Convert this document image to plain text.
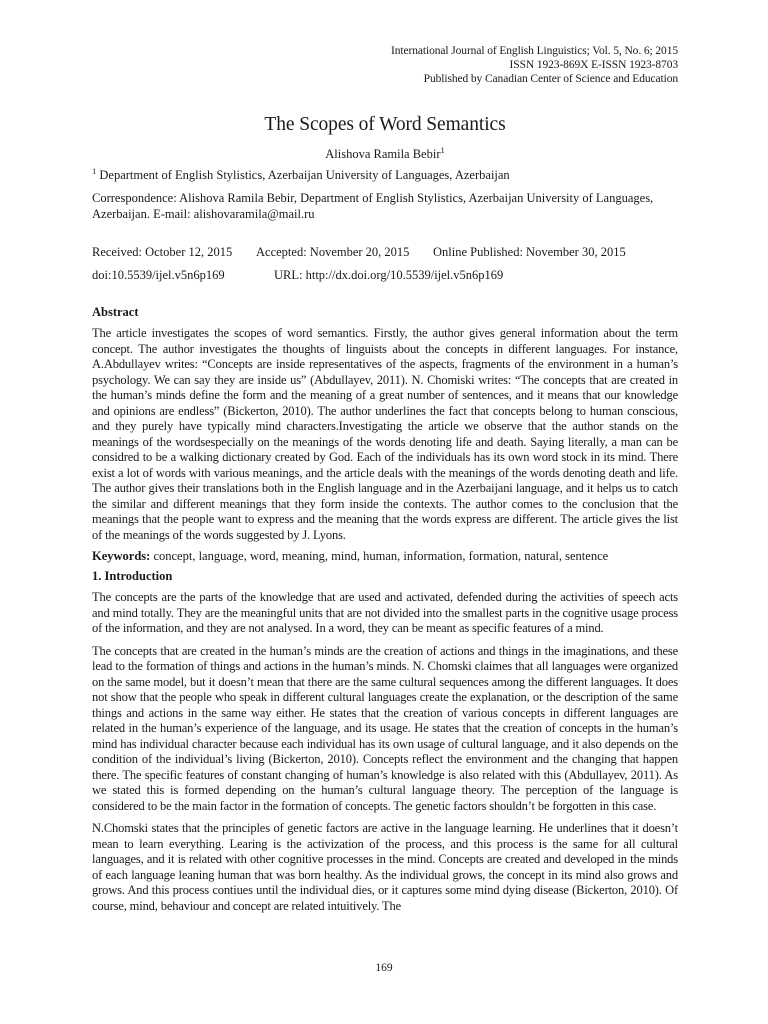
International Journal of English Linguistics; Vol. 5, No. 6; 2015
ISSN 1923-869X E-ISSN 1923-8703
Published by Canadian Center of Science and Education
The Scopes of Word Semantics
Alishova Ramila Bebir$^1$
$^1$ Department of English Stylistics, Azerbaijan University of Languages, Azerbaijan
Correspondence: Alishova Ramila Bebir, Department of English Stylistics, Azerbaijan University of Languages, Azerbaijan. E-mail: alishovaramila@mail.ru
Received: October 12, 2015 Accepted: November 20, 2015 Online Published: November 30, 2015
doi:10.5539/ijel.v5n6p169	URL: http://dx.doi.org/10.5539/ijel.v5n6p169
Abstract

The article investigates the scopes of word semantics. Firstly, the author gives general information about the term concept. The author investigates the thoughts of linguists about the concepts in different languages. For instance, A.Abdullayev writes: “Concepts are inside representatives of the aspects, fragments of the environment in a human’s psychology. We can say they are inside us” (Abdullayev, 2011). N. Chomiski writes: “The concepts that are created in the human’s minds define the form and the meaning of a great number of sentences, and it means that our knowledge and opinions are endless” (Bickerton, 2010). The author underlines the fact that concepts belong to human conscious, and they purely have typically mind characters.Investigating the article we observe that the author stands on the meanings of the wordsespecially on the meanings of the words denoting life and death. Saying literally, a man can be considred to be a walking dictionary created by God. Each of the individuals has its own word stock in its mind. There exist a lot of words with various meanings, and the article deals with the meanings of the words denoting death and life. The author gives their translations both in the English language and in the Azerbaijani language, and it helps us to catch the similar and different meanings that they form inside the contexts. The author comes to the conclusion that the meanings that the people want to express and the meaning that the words express are different. The article gives the list of the meanings of the words suggested by J. Lyons.

Keywords: concept, language, word, meaning, mind, human, information, formation, natural, sentence
1. Introduction

The concepts are the parts of the knowledge that are used and activated, defended during the activities of speech acts and mind totally. They are the meaningful units that are not divided into the smallest parts in the cognitive usage process of the information, and they are not analysed. In a word, they can be meant as specific features of a mind.

The concepts that are created in the human’s minds are the creation of actions and things in the imaginations, and these lead to the formation of things and actions in the human’s minds. N. Chomski claimes that all languages were organized on the same model, but it doesn’t mean that there are the same cultural sequences among the different languages. It does not show that the people who speak in different cultural languages create the explanation, or the description of the same things and actions in the same way either. He states that the creation of various concepts in different languages are related in the human’s experience of the language, and its usage. He states that the creation of concepts in the human’s mind has individual character because each individual has its own usage of cultural language, and it also depends on the condition of the individual’s living (Bickerton, 2010). Concepts reflect the environment and the changing that happen there. The specific features of constant changing of human’s knowledge is also related with this (Abdullayev, 2011). As we stated this is formed depending on the human’s cultural language theory. The perception of the language is considered to be the main factor in the formation of concepts. The genetic factors shouldn’t be forgotten in this case.

N.Chomski states that the principles of genetic factors are active in the language learning. He underlines that it doesn’t mean to learn everything. Learing is the activization of the process, and this process is the same for all cultural languages, and it is related with other cognitive processes in the mind. Concepts are created and developed in the minds of each language leaning human that was born healthy. As the individual grows, the concept in its mind also grows and grows. And this process contiues until the individual dies, or it captures some mind dying disease (Bickerton, 2010). Of course, mind, behaviour and concept are related intuitively. The

169
